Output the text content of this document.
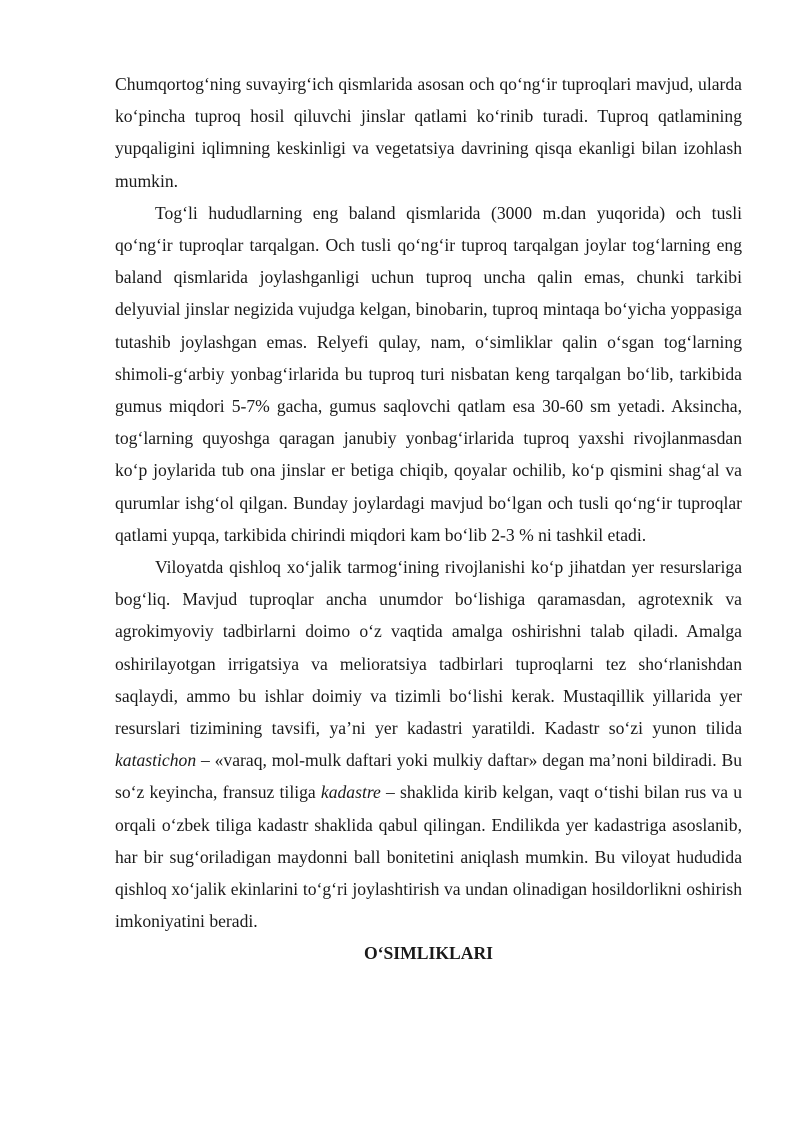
Chumqortog‘ning suvayirg‘ich qismlarida asosan och qo‘ng‘ir tuproqlari mavjud, ularda ko‘pincha tuproq hosil qiluvchi jinslar qatlami ko‘rinib turadi. Tuproq qatlamining yupqaligini iqlimning keskinligi va vegetatsiya davrining qisqa ekanligi bilan izohlash mumkin.

Tog‘li hududlarning eng baland qismlarida (3000 m.dan yuqorida) och tusli qo‘ng‘ir tuproqlar tarqalgan. Och tusli qo‘ng‘ir tuproq tarqalgan joylar tog‘larning eng baland qismlarida joylashganligi uchun tuproq uncha qalin emas, chunki tarkibi delyuvial jinslar negizida vujudga kelgan, binobarin, tuproq mintaqa bo‘yicha yoppasiga tutashib joylashgan emas. Relyefi qulay, nam, o‘simliklar qalin o‘sgan tog‘larning shimoli-g‘arbiy yonbag‘irlarida bu tuproq turi nisbatan keng tarqalgan bo‘lib, tarkibida gumus miqdori 5-7% gacha, gumus saqlovchi qatlam esa 30-60 sm yetadi. Aksincha, tog‘larning quyoshga qaragan janubiy yonbag‘irlarida tuproq yaxshi rivojlanmasdan ko‘p joylarida tub ona jinslar er betiga chiqib, qoyalar ochilib, ko‘p qismini shag‘al va qurumlar ishg‘ol qilgan. Bunday joylardagi mavjud bo‘lgan och tusli qo‘ng‘ir tuproqlar qatlami yupqa, tarkibida chirindi miqdori kam bo‘lib 2-3 % ni tashkil etadi.

Viloyatda qishloq xo‘jalik tarmog‘ining rivojlanishi ko‘p jihatdan yer resurslariga bog‘liq. Mavjud tuproqlar ancha unumdor bo‘lishiga qaramasdan, agrotexnik va agrokimyoviy tadbirlarni doimo o‘z vaqtida amalga oshirishni talab qiladi. Amalga oshirilayotgan irrigatsiya va melioratsiya tadbirlari tuproqlarni tez sho‘rlanishdan saqlaydi, ammo bu ishlar doimiy va tizimli bo‘lishi kerak. Mustaqillik yillarida yer resurslari tizimining tavsifi, ya’ni yer kadastri yaratildi. Kadastr so‘zi yunon tilida katastichon – «varaq, mol-mulk daftari yoki mulkiy daftar» degan ma’noni bildiradi. Bu so‘z keyincha, fransuz tiliga kadastre – shaklida kirib kelgan, vaqt o‘tishi bilan rus va u orqali o‘zbek tiliga kadastr shaklida qabul qilingan. Endilikda yer kadastriga asoslanib, har bir sug‘oriladigan maydonni ball bonitetini aniqlash mumkin. Bu viloyat hududida qishloq xo‘jalik ekinlarini to‘g‘ri joylashtirish va undan olinadigan hosildorlikni oshirish imkoniyatini beradi.

O‘SIMLIKLARI
